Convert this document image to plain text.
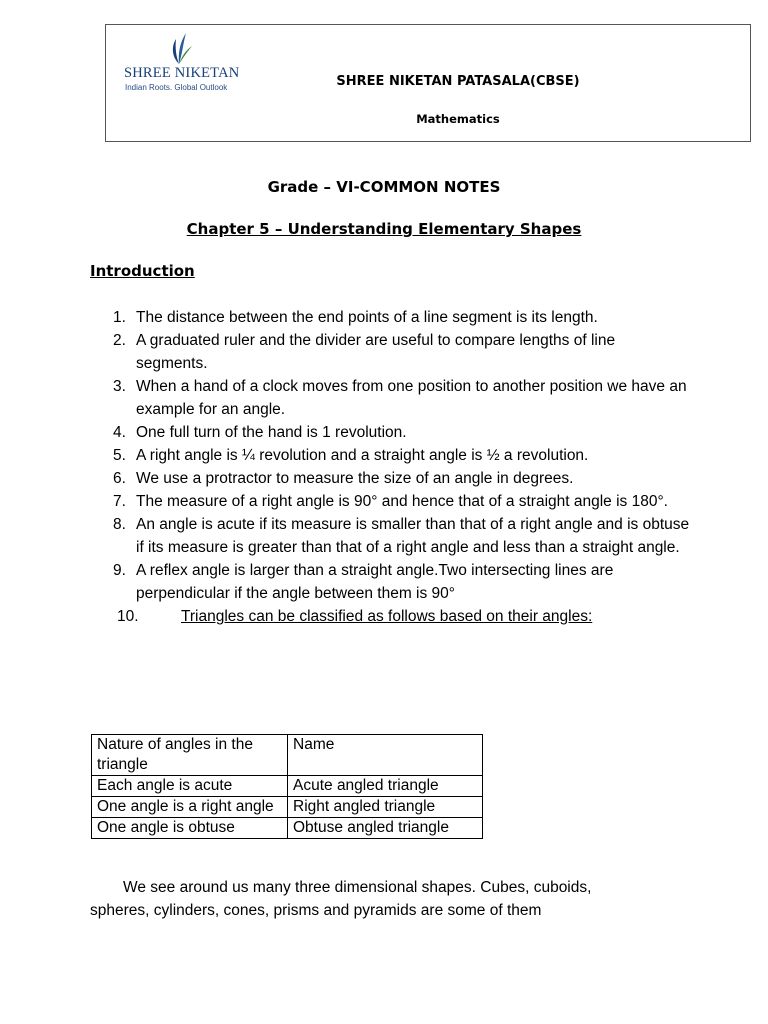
SHREE NIKETAN
Indian Roots. Global Outlook	SHREE NIKETAN PATASALA(CBSE)
Mathematics
Grade – VI-COMMON NOTES
Chapter 5 – Understanding Elementary Shapes
Introduction
1. The distance between the end points of a line segment is its length.
2. A graduated ruler and the divider are useful to compare lengths of line segments.
3. When a hand of a clock moves from one position to another position we have an example for an angle.
4. One full turn of the hand is 1 revolution.
5. A right angle is ¼ revolution and a straight angle is ½ a revolution.
6. We use a protractor to measure the size of an angle in degrees.
7. The measure of a right angle is 90° and hence that of a straight angle is 180°.
8. An angle is acute if its measure is smaller than that of a right angle and is obtuse if its measure is greater than that of a right angle and less than a straight angle.
9. A reflex angle is larger than a straight angle.Two intersecting lines are perpendicular if the angle between them is 90°
10.	Triangles can be classified as follows based on their angles:
Nature of angles in the triangle	Name
Each angle is acute	Acute angled triangle
One angle is a right angle	Right angled triangle
One angle is obtuse	Obtuse angled triangle

We see around us many three dimensional shapes. Cubes, cuboids, spheres, cylinders, cones, prisms and pyramids are some of them
